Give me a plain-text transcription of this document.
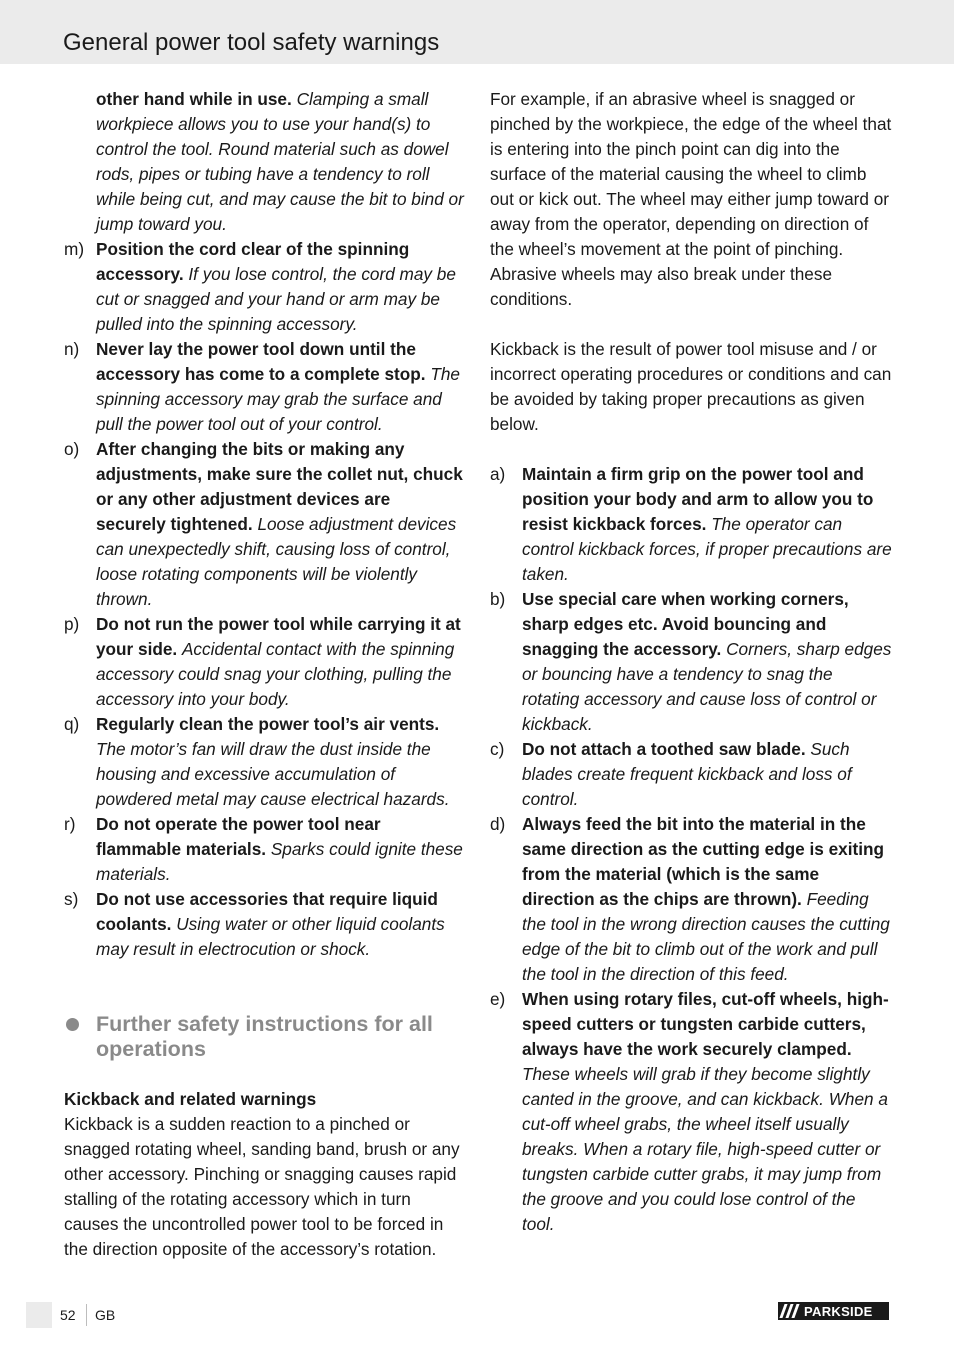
General power tool safety warnings
other hand while in use. Clamping a small workpiece allows you to use your hand(s) to control the tool. Round material such as dowel rods, pipes or tubing have a tendency to roll while being cut, and may cause the bit to bind or jump toward you.
m) Position the cord clear of the spinning accessory. If you lose control, the cord may be cut or snagged and your hand or arm may be pulled into the spinning accessory.
n) Never lay the power tool down until the accessory has come to a complete stop. The spinning accessory may grab the surface and pull the power tool out of your control.
o) After changing the bits or making any adjustments, make sure the collet nut, chuck or any other adjustment devices are securely tightened. Loose adjustment devices can unexpectedly shift, causing loss of control, loose rotating components will be violently thrown.
p) Do not run the power tool while carrying it at your side. Accidental contact with the spinning accessory could snag your clothing, pulling the accessory into your body.
q) Regularly clean the power tool’s air vents. The motor’s fan will draw the dust inside the housing and excessive accumulation of powdered metal may cause electrical hazards.
r) Do not operate the power tool near flammable materials. Sparks could ignite these materials.
s) Do not use accessories that require liquid coolants. Using water or other liquid coolants may result in electrocution or shock.
Further safety instructions for all operations
Kickback and related warnings

Kickback is a sudden reaction to a pinched or snagged rotating wheel, sanding band, brush or any other accessory. Pinching or snagging causes rapid stalling of the rotating accessory which in turn causes the uncontrolled power tool to be forced in the direction opposite of the accessory’s rotation.

For example, if an abrasive wheel is snagged or pinched by the workpiece, the edge of the wheel that is entering into the pinch point can dig into the surface of the material causing the wheel to climb out or kick out. The wheel may either jump toward or away from the operator, depending on direction of the wheel’s movement at the point of pinching. Abrasive wheels may also break under these conditions.

Kickback is the result of power tool misuse and / or incorrect operating procedures or conditions and can be avoided by taking proper precautions as given below.

a) Maintain a firm grip on the power tool and position your body and arm to allow you to resist kickback forces. The operator can control kickback forces, if proper precautions are taken.
b) Use special care when working corners, sharp edges etc. Avoid bouncing and snagging the accessory. Corners, sharp edges or bouncing have a tendency to snag the rotating accessory and cause loss of control or kickback.
c) Do not attach a toothed saw blade. Such blades create frequent kickback and loss of control.
d) Always feed the bit into the material in the same direction as the cutting edge is exiting from the material (which is the same direction as the chips are thrown). Feeding the tool in the wrong direction causes the cutting edge of the bit to climb out of the work and pull the tool in the direction of this feed.
e) When using rotary files, cut-off wheels, high-speed cutters or tungsten carbide cutters, always have the work securely clamped. These wheels will grab if they become slightly canted in the groove, and can kickback. When a cut-off wheel grabs, the wheel itself usually breaks. When a rotary file, high-speed cutter or tungsten carbide cutter grabs, it may jump from the groove and you could lose control of the tool.
52 GB	PARKSIDE
